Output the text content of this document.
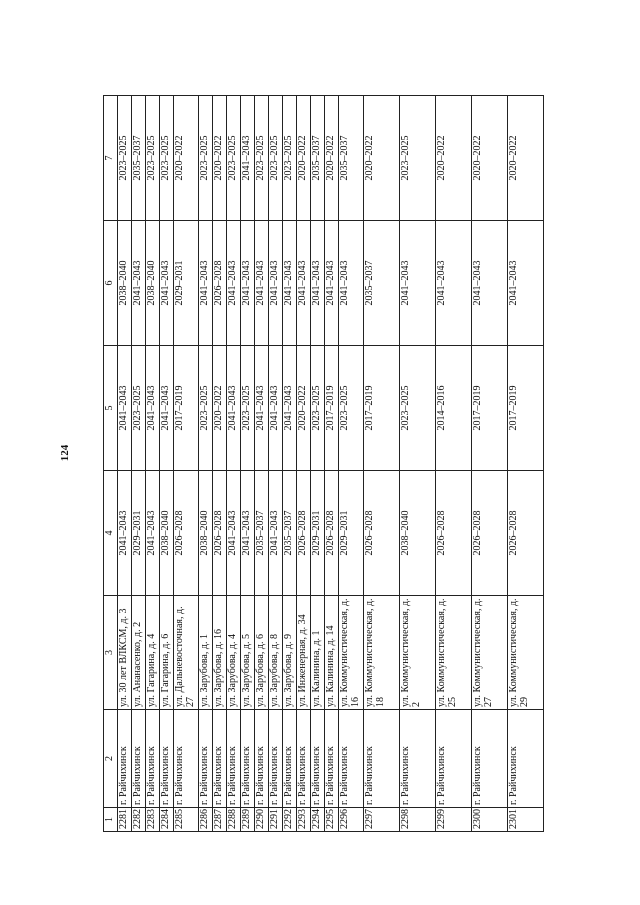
124
1	2	3	4	5	6	7
2281	г. Райчихинск	ул. 30 лет ВЛКСМ, д. 3	2041–2043	2041–2043	2038–2040	2023–2025
2282	г. Райчихинск	ул. Ананасенко, д. 2	2029–2031	2023–2025	2041–2043	2035–2037
2283	г. Райчихинск	ул. Гагарина, д. 4	2041–2043	2041–2043	2038–2040	2023–2025
2284	г. Райчихинск	ул. Гагарина, д. 6	2038–2040	2041–2043	2041–2043	2023–2025
2285	г. Райчихинск	ул. Дальневосточная, д. 27	2026–2028	2017–2019	2029–2031	2020–2022
2286	г. Райчихинск	ул. Зарубова, д. 1	2038–2040	2023–2025	2041–2043	2023–2025
2287	г. Райчихинск	ул. Зарубова, д. 16	2026–2028	2020–2022	2026–2028	2020–2022
2288	г. Райчихинск	ул. Зарубова, д. 4	2041–2043	2041–2043	2041–2043	2023–2025
2289	г. Райчихинск	ул. Зарубова, д. 5	2041–2043	2023–2025	2041–2043	2041–2043
2290	г. Райчихинск	ул. Зарубова, д. 6	2035–2037	2041–2043	2041–2043	2023–2025
2291	г. Райчихинск	ул. Зарубова, д. 8	2041–2043	2041–2043	2041–2043	2023–2025
2292	г. Райчихинск	ул. Зарубова, д. 9	2035–2037	2041–2043	2041–2043	2023–2025
2293	г. Райчихинск	ул. Инженерная, д. 34	2026–2028	2020–2022	2041–2043	2020–2022
2294	г. Райчихинск	ул. Калинина, д. 1	2029–2031	2023–2025	2041–2043	2035–2037
2295	г. Райчихинск	ул. Калинина, д. 14	2026–2028	2017–2019	2041–2043	2020–2022
2296	г. Райчихинск	ул. Коммунистическая, д. 16	2029–2031	2023–2025	2041–2043	2035–2037
2297	г. Райчихинск	ул. Коммунистическая, д. 18	2026–2028	2017–2019	2035–2037	2020–2022
2298	г. Райчихинск	ул. Коммунистическая, д. 2	2038–2040	2023–2025	2041–2043	2023–2025
2299	г. Райчихинск	ул. Коммунистическая, д. 25	2026–2028	2014–2016	2041–2043	2020–2022
2300	г. Райчихинск	ул. Коммунистическая, д. 27	2026–2028	2017–2019	2041–2043	2020–2022
2301	г. Райчихинск	ул. Коммунистическая, д. 29	2026–2028	2017–2019	2041–2043	2020–2022
